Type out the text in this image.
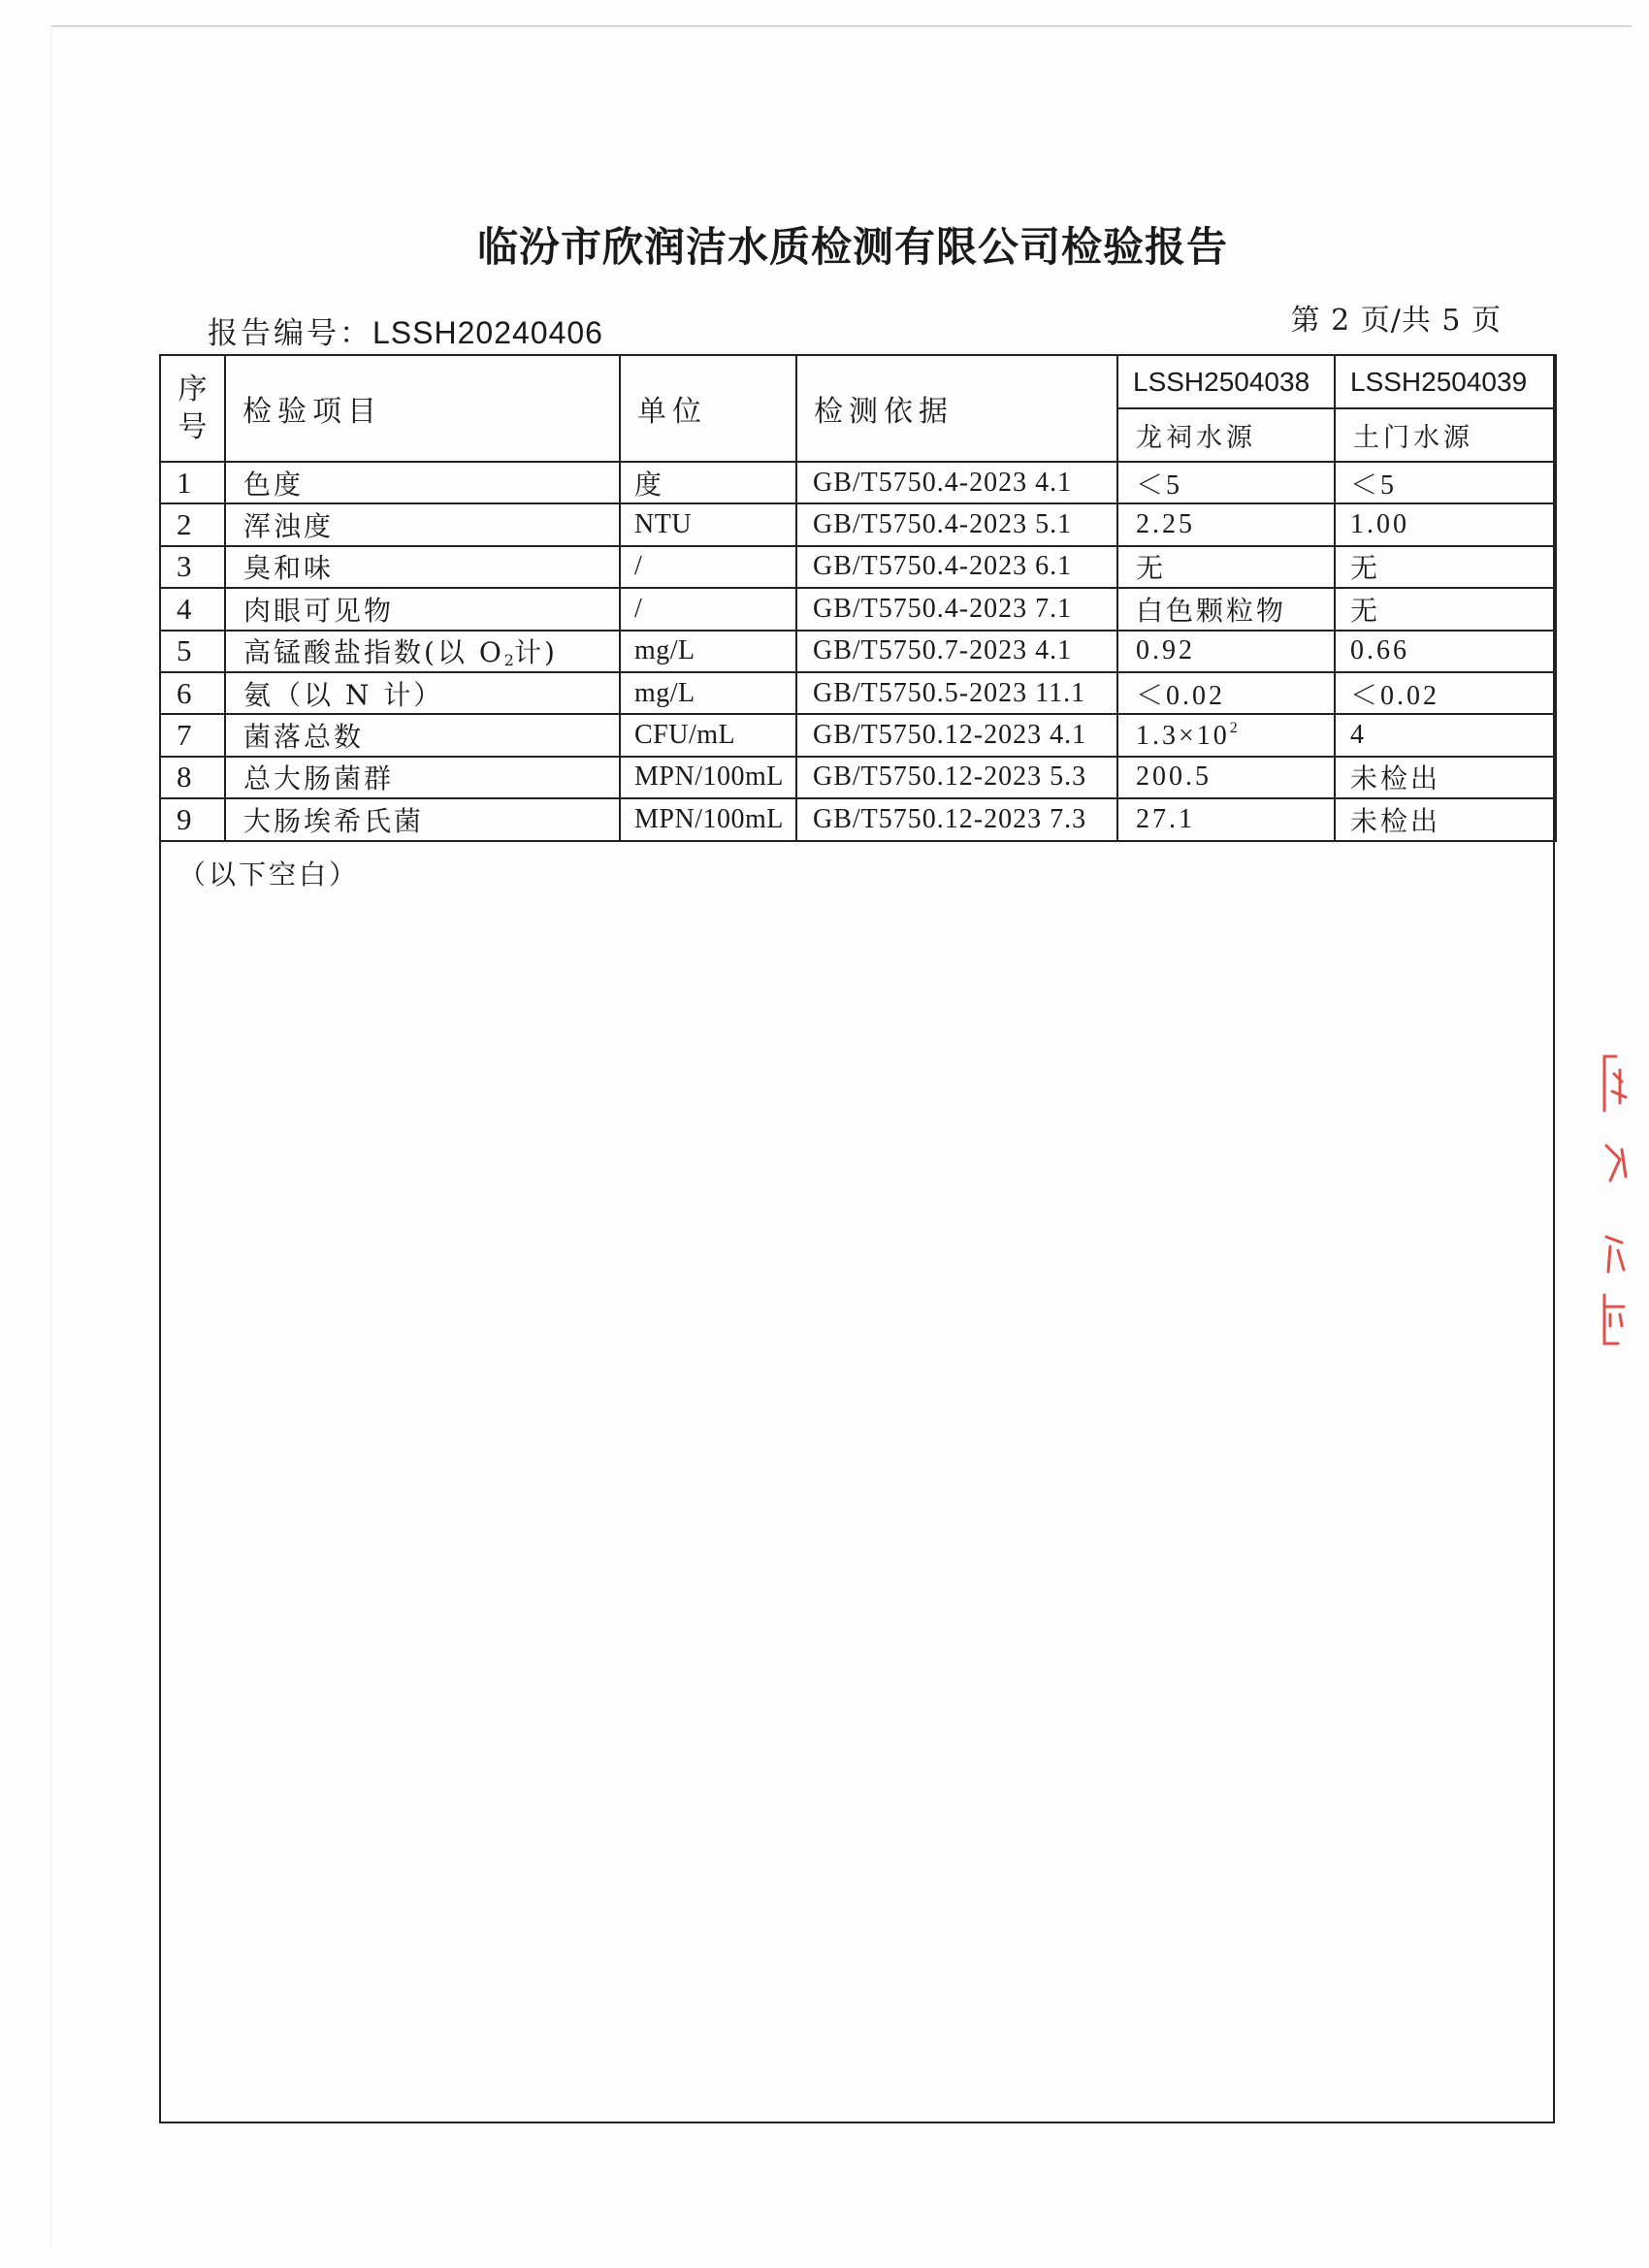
临汾市欣润洁水质检测有限公司检验报告
报告编号：LSSH20240406	第 2 页/共 5 页
序号	检验项目	单位	检测依据	LSSH2504038	LSSH2504039
				龙祠水源	土门水源
1	色度	度	GB/T5750.4-2023 4.1	＜5	＜5
2	浑浊度	NTU	GB/T5750.4-2023 5.1	2.25	1.00
3	臭和味	/	GB/T5750.4-2023 6.1	无	无
4	肉眼可见物	/	GB/T5750.4-2023 7.1	白色颗粒物	无
5	高锰酸盐指数(以 $O_2$计)	mg/L	GB/T5750.7-2023 4.1	0.92	0.66
6	氨（以 N 计）	mg/L	GB/T5750.5-2023 11.1	＜0.02	＜0.02
7	菌落总数	CFU/mL	GB/T5750.12-2023 4.1	$1.3\times 10^2$	4
8	总大肠菌群	MPN/100mL	GB/T5750.12-2023 5.3	200.5	未检出
9	大肠埃希氏菌	MPN/100mL	GB/T5750.12-2023 7.3	27.1	未检出
（以下空白）
